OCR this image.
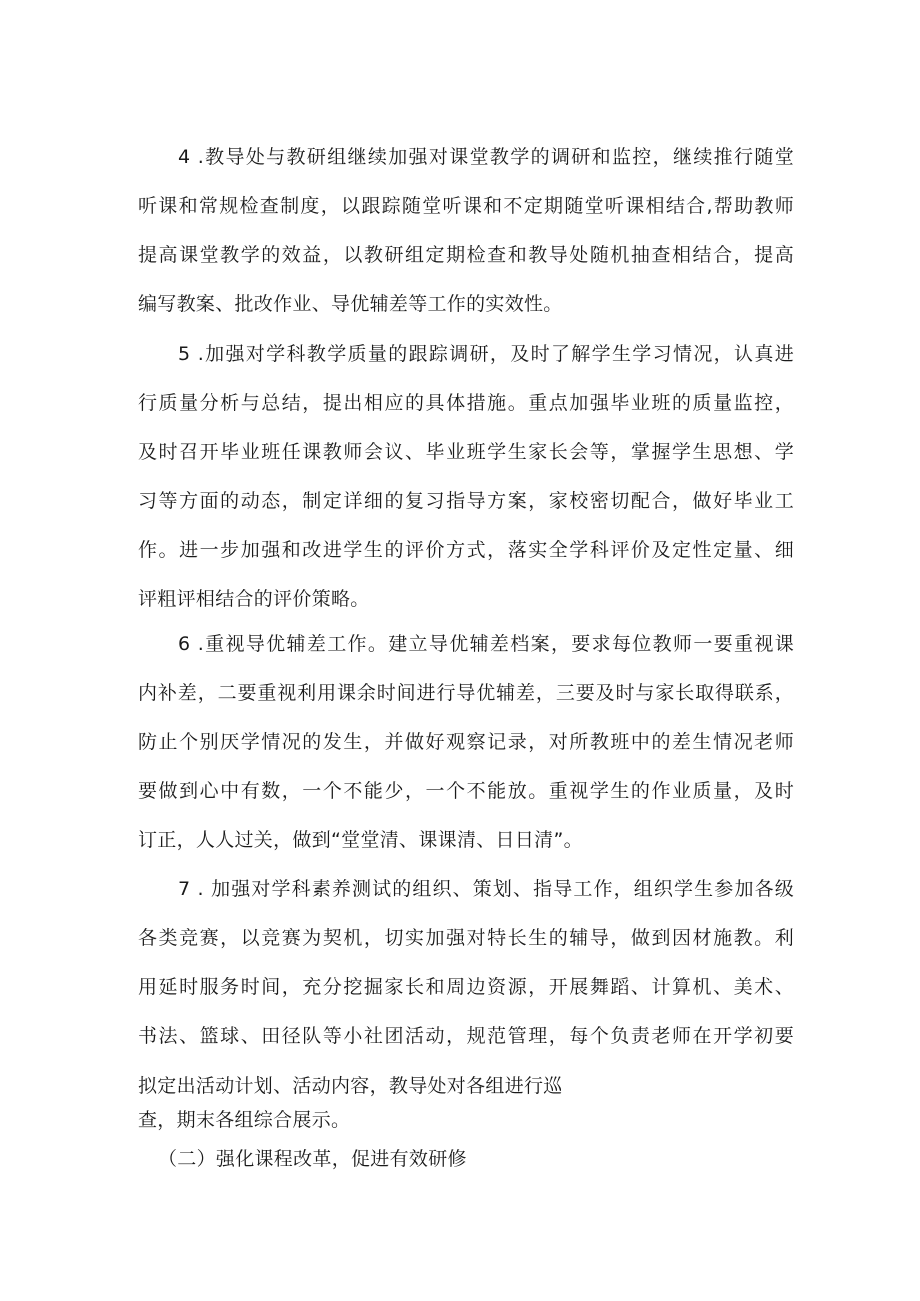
4 .教导处与教研组继续加强对课堂教学的调研和监控，继续推行随堂
听课和常规检查制度，以跟踪随堂听课和不定期随堂听课相结合,帮助教师
提高课堂教学的效益，以教研组定期检查和教导处随机抽查相结合，提高
编写教案、批改作业、导优辅差等工作的实效性。
5 .加强对学科教学质量的跟踪调研，及时了解学生学习情况，认真进
行质量分析与总结，提出相应的具体措施。重点加强毕业班的质量监控，
及时召开毕业班任课教师会议、毕业班学生家长会等，掌握学生思想、学
习等方面的动态，制定详细的复习指导方案，家校密切配合，做好毕业工
作。进一步加强和改进学生的评价方式，落实全学科评价及定性定量、细
评粗评相结合的评价策略。
6 .重视导优辅差工作。建立导优辅差档案，要求每位教师一要重视课
内补差，二要重视利用课余时间进行导优辅差，三要及时与家长取得联系，
防止个别厌学情况的发生，并做好观察记录，对所教班中的差生情况老师
要做到心中有数，一个不能少，一个不能放。重视学生的作业质量，及时
订正，人人过关，做到“堂堂清、课课清、日日清”。
7 . 加强对学科素养测试的组织、策划、指导工作，组织学生参加各级
各类竞赛，以竞赛为契机，切实加强对特长生的辅导，做到因材施教。利
用延时服务时间，充分挖掘家长和周边资源，开展舞蹈、计算机、美术、
书法、篮球、田径队等小社团活动，规范管理，每个负责老师在开学初要
拟定出活动计划、活动内容，教导处对各组进行巡
查，期末各组综合展示。
（二）强化课程改革，促进有效研修
